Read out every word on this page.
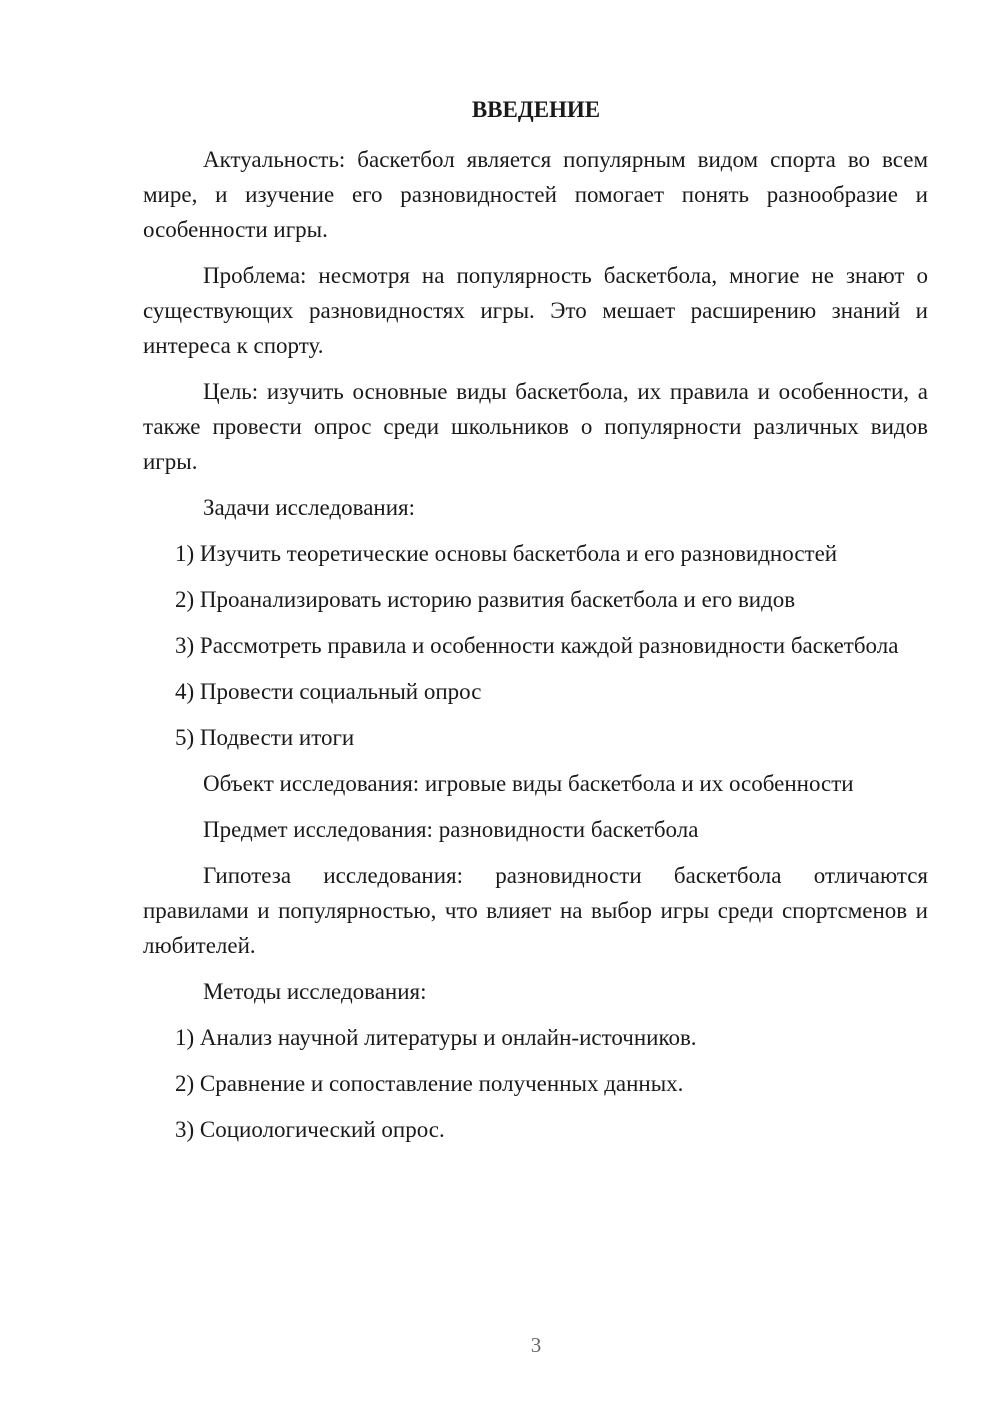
ВВЕДЕНИЕ

Актуальность: баскетбол является популярным видом спорта во всем мире, и изучение его разновидностей помогает понять разнообразие и особенности игры.

Проблема: несмотря на популярность баскетбола, многие не знают о существующих разновидностях игры. Это мешает расширению знаний и интереса к спорту.

Цель: изучить основные виды баскетбола, их правила и особенности, а также провести опрос среди школьников о популярности различных видов игры.

Задачи исследования:

1) Изучить теоретические основы баскетбола и его разновидностей

2) Проанализировать историю развития баскетбола и его видов

3) Рассмотреть правила и особенности каждой разновидности баскетбола

4) Провести социальный опрос

5) Подвести итоги

Объект исследования: игровые виды баскетбола и их особенности

Предмет исследования: разновидности баскетбола

Гипотеза исследования: разновидности баскетбола отличаются правилами и популярностью, что влияет на выбор игры среди спортсменов и любителей.

Методы исследования:

1) Анализ научной литературы и онлайн-источников.

2) Сравнение и сопоставление полученных данных.

3) Социологический опрос.

3
